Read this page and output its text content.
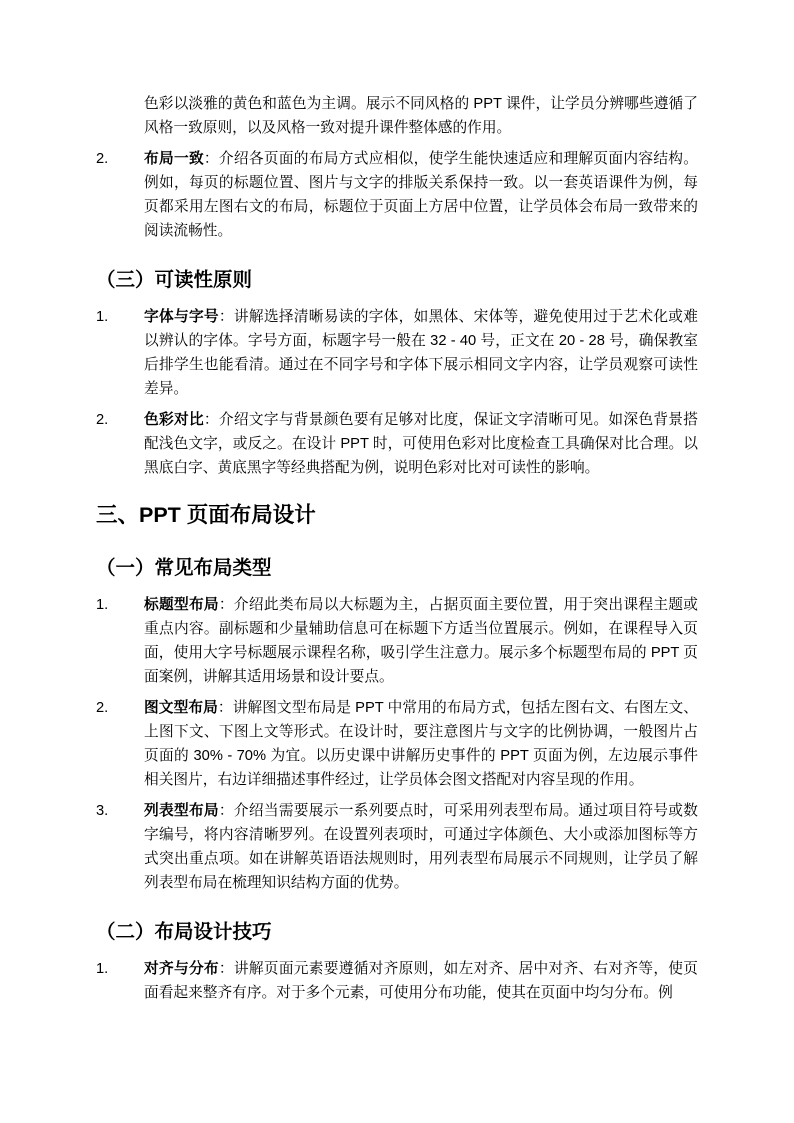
色彩以淡雅的黄色和蓝色为主调。展示不同风格的 PPT 课件，让学员分辨哪些遵循了风格一致原则，以及风格一致对提升课件整体感的作用。

2.	布局一致：介绍各页面的布局方式应相似，使学生能快速适应和理解页面内容结构。例如，每页的标题位置、图片与文字的排版关系保持一致。以一套英语课件为例，每页都采用左图右文的布局，标题位于页面上方居中位置，让学员体会布局一致带来的阅读流畅性。

（三）可读性原则
1.	字体与字号：讲解选择清晰易读的字体，如黑体、宋体等，避免使用过于艺术化或难以辨认的字体。字号方面，标题字号一般在 32 - 40 号，正文在 20 - 28 号，确保教室后排学生也能看清。通过在不同字号和字体下展示相同文字内容，让学员观察可读性差异。

2.	色彩对比：介绍文字与背景颜色要有足够对比度，保证文字清晰可见。如深色背景搭配浅色文字，或反之。在设计 PPT 时，可使用色彩对比度检查工具确保对比合理。以黑底白字、黄底黑字等经典搭配为例，说明色彩对比对可读性的影响。

三、PPT 页面布局设计
（一）常见布局类型
1.	标题型布局：介绍此类布局以大标题为主，占据页面主要位置，用于突出课程主题或重点内容。副标题和少量辅助信息可在标题下方适当位置展示。例如，在课程导入页面，使用大字号标题展示课程名称，吸引学生注意力。展示多个标题型布局的 PPT 页面案例，讲解其适用场景和设计要点。

2.	图文型布局：讲解图文型布局是 PPT 中常用的布局方式，包括左图右文、右图左文、上图下文、下图上文等形式。在设计时，要注意图片与文字的比例协调，一般图片占页面的 30% - 70% 为宜。以历史课中讲解历史事件的 PPT 页面为例，左边展示事件相关图片，右边详细描述事件经过，让学员体会图文搭配对内容呈现的作用。

3.	列表型布局：介绍当需要展示一系列要点时，可采用列表型布局。通过项目符号或数字编号，将内容清晰罗列。在设置列表项时，可通过字体颜色、大小或添加图标等方式突出重点项。如在讲解英语语法规则时，用列表型布局展示不同规则，让学员了解列表型布局在梳理知识结构方面的优势。

（二）布局设计技巧
1.	对齐与分布：讲解页面元素要遵循对齐原则，如左对齐、居中对齐、右对齐等，使页面看起来整齐有序。对于多个元素，可使用分布功能，使其在页面中均匀分布。例
